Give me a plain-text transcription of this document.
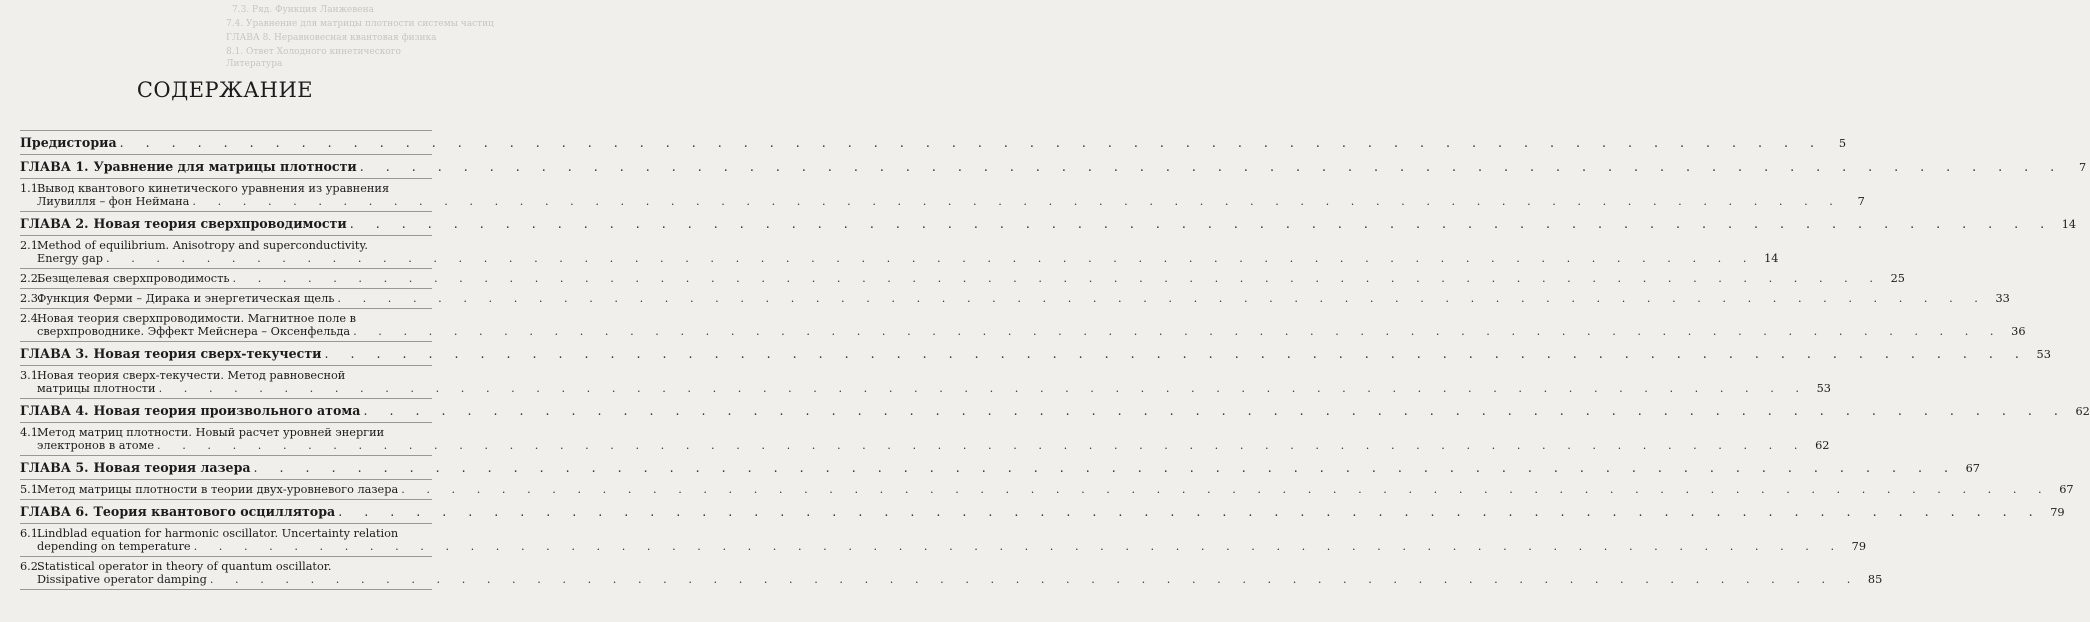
7.3. Ряд. Функция Ланжевена
7.4. Уравнение для матрицы плотности системы частиц
ГЛАВА 8. Неравновесная квантовая физика
8.1. Ответ Холодного кинетического
Литература
СОДЕРЖАНИЕ
Предисториа . . . . . . . . . . . . . . . . . . . . . . . . . . . . . . . . . . . . . . . . . . . . . . . . . . . . . . . . . . . . . . . . . .	5
ГЛАВА 1. Уравнение для матрицы плотности . . . . . . . . . . . . . . . . . . . . . . . . . . . . . . . . . . . . . . . . . . . . . . . . . . . . . . . . . . . . . . . . . .	7
1.1.
Вывод квантового кинетического уравнения из уравнения
Лиувилля – фон Неймана . . . . . . . . . . . . . . . . . . . . . . . . . . . . . . . . . . . . . . . . . . . . . . . . . . . . . . . . . . . . . . . . . .	7
ГЛАВА 2. Новая теория сверхпроводимости . . . . . . . . . . . . . . . . . . . . . . . . . . . . . . . . . . . . . . . . . . . . . . . . . . . . . . . . . . . . . . . . . . 14
2.1.
Method of equilibrium. Anisotropy and superconductivity.
Energy gap . . . . . . . . . . . . . . . . . . . . . . . . . . . . . . . . . . . . . . . . . . . . . . . . . . . . . . . . . . . . . . . . . . 14
2.2.
Безщелевая сверхпроводимость . . . . . . . . . . . . . . . . . . . . . . . . . . . . . . . . . . . . . . . . . . . . . . . . . . . . . . . . . . . . . . . . . . 25
2.3.
Функция Ферми – Дирака и энергетическая щель . . . . . . . . . . . . . . . . . . . . . . . . . . . . . . . . . . . . . . . . . . . . . . . . . . . . . . . . . . . . . . . . . . 33
2.4.
Новая теория сверхпроводимости. Магнитное поле в
сверхпроводнике. Эффект Мейснера – Оксенфельда . . . . . . . . . . . . . . . . . . . . . . . . . . . . . . . . . . . . . . . . . . . . . . . . . . . . . . . . . . . . . . . . . . 36
ГЛАВА 3. Новая теория сверх-текучести . . . . . . . . . . . . . . . . . . . . . . . . . . . . . . . . . . . . . . . . . . . . . . . . . . . . . . . . . . . . . . . . . . 53
3.1.
Новая теория сверх-текучести. Метод равновесной
матрицы плотности . . . . . . . . . . . . . . . . . . . . . . . . . . . . . . . . . . . . . . . . . . . . . . . . . . . . . . . . . . . . . . . . . . 53
ГЛАВА 4. Новая теория произвольного атома . . . . . . . . . . . . . . . . . . . . . . . . . . . . . . . . . . . . . . . . . . . . . . . . . . . . . . . . . . . . . . . . . . 62
4.1.
Метод матриц плотности. Новый расчет уровней энергии
электронов в атоме . . . . . . . . . . . . . . . . . . . . . . . . . . . . . . . . . . . . . . . . . . . . . . . . . . . . . . . . . . . . . . . . . . 62
ГЛАВА 5. Новая теория лазера . . . . . . . . . . . . . . . . . . . . . . . . . . . . . . . . . . . . . . . . . . . . . . . . . . . . . . . . . . . . . . . . . . 67
5.1.
Метод матрицы плотности в теории двух-уровневого лазера . . . . . . . . . . . . . . . . . . . . . . . . . . . . . . . . . . . . . . . . . . . . . . . . . . . . . . . . . . . . . . . . . . 67
ГЛАВА 6. Теория квантового осциллятора . . . . . . . . . . . . . . . . . . . . . . . . . . . . . . . . . . . . . . . . . . . . . . . . . . . . . . . . . . . . . . . . . . 79
6.1.
Lindblad equation for harmonic oscillator. Uncertainty relation
depending on temperature . . . . . . . . . . . . . . . . . . . . . . . . . . . . . . . . . . . . . . . . . . . . . . . . . . . . . . . . . . . . . . . . . . 79
6.2.
Statistical operator in theory of quantum oscillator.
Dissipative operator damping . . . . . . . . . . . . . . . . . . . . . . . . . . . . . . . . . . . . . . . . . . . . . . . . . . . . . . . . . . . . . . . . . . 85
